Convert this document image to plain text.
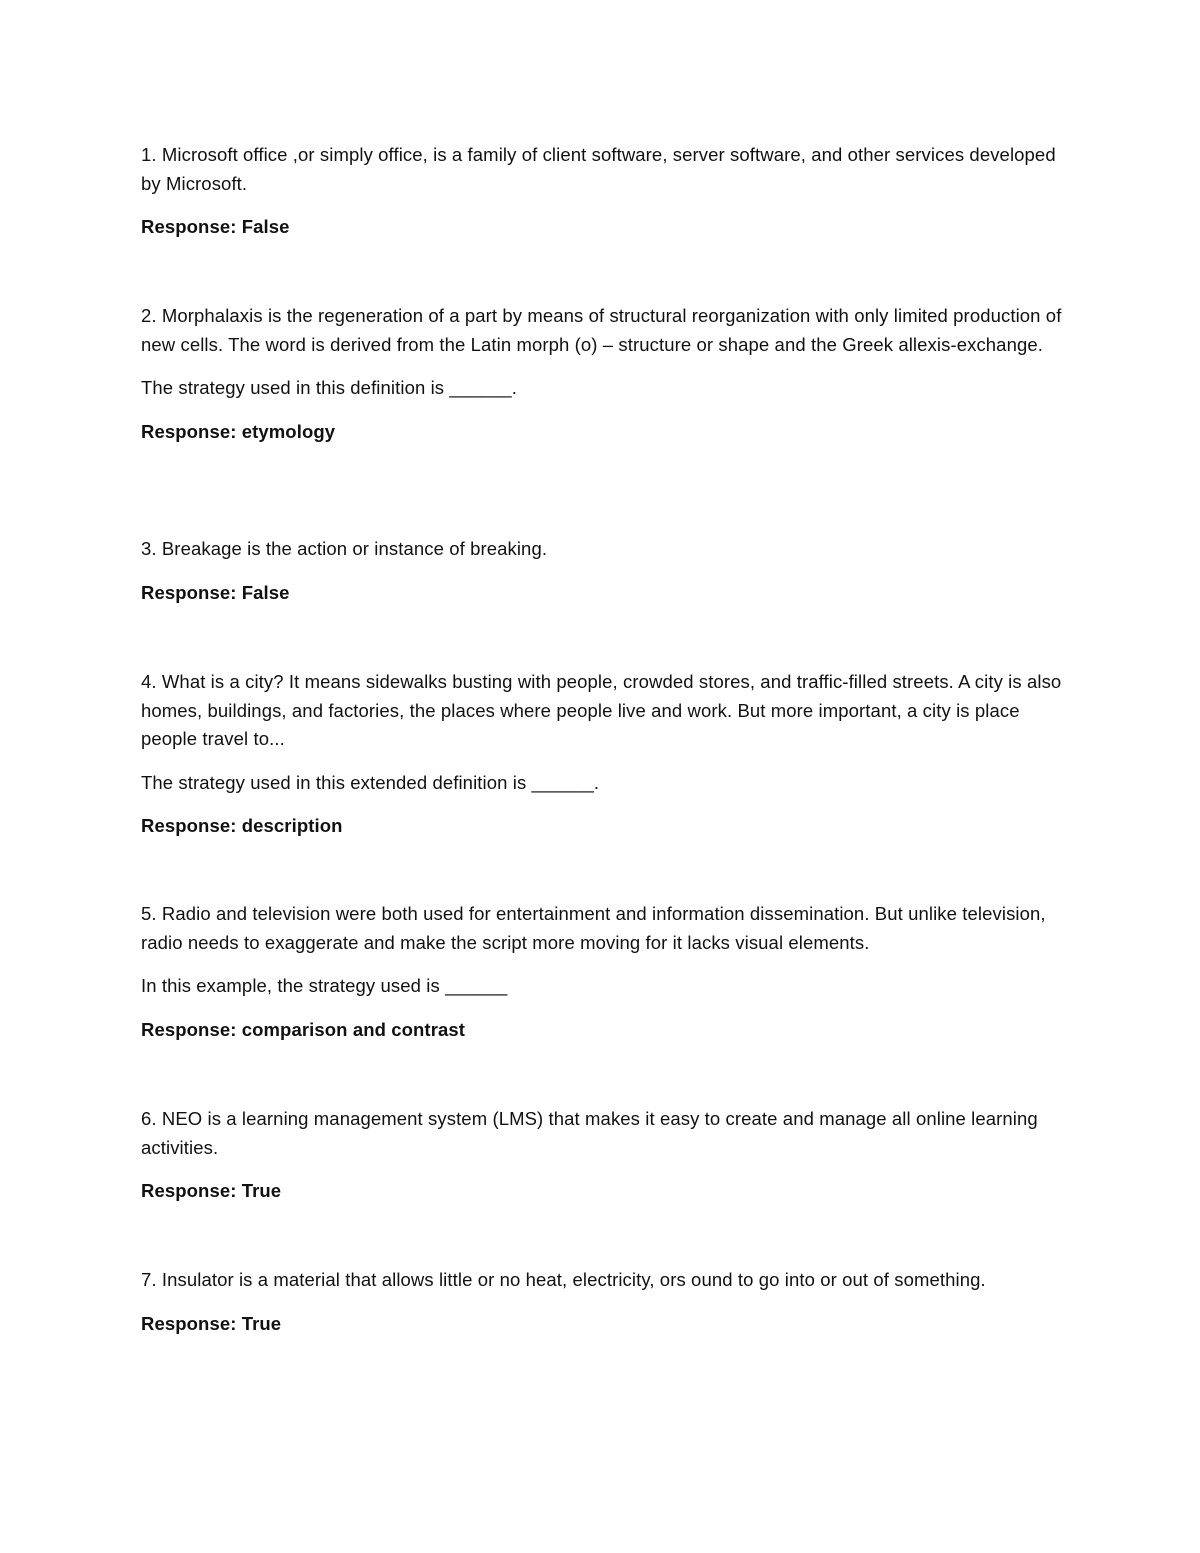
1. Microsoft office ,or simply office, is a family of client software, server software, and other services developed by Microsoft.

Response: False

2. Morphalaxis is the regeneration of a part by means of structural reorganization with only limited production of new cells. The word is derived from the Latin morph (o) – structure or shape and the Greek allexis-exchange.

The strategy used in this definition is ______.

Response: etymology

3. Breakage is the action or instance of breaking.

Response: False

4. What is a city? It means sidewalks busting with people, crowded stores, and traffic-filled streets. A city is also homes, buildings, and factories, the places where people live and work. But more important, a city is place people travel to...

The strategy used in this extended definition is ______.

Response: description

5. Radio and television were both used for entertainment and information dissemination. But unlike television, radio needs to exaggerate and make the script more moving for it lacks visual elements.

In this example, the strategy used is ______

Response: comparison and contrast

6. NEO is a learning management system (LMS) that makes it easy to create and manage all online learning activities.

Response: True

7. Insulator is a material that allows little or no heat, electricity, ors ound to go into or out of something.

Response: True
